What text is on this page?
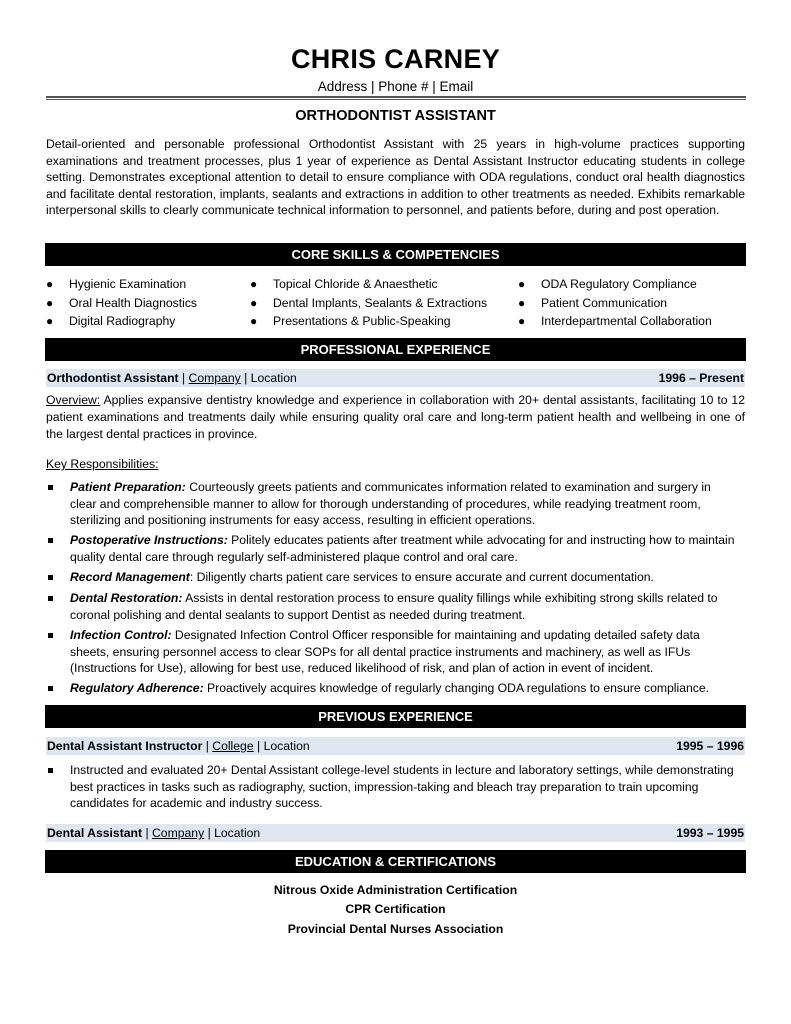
CHRIS CARNEY
Address | Phone # | Email
ORTHODONTIST ASSISTANT
Detail-oriented and personable professional Orthodontist Assistant with 25 years in high-volume practices supporting examinations and treatment processes, plus 1 year of experience as Dental Assistant Instructor educating students in college setting. Demonstrates exceptional attention to detail to ensure compliance with ODA regulations, conduct oral health diagnostics and facilitate dental restoration, implants, sealants and extractions in addition to other treatments as needed. Exhibits remarkable interpersonal skills to clearly communicate technical information to personnel, and patients before, during and post operation.
CORE SKILLS & COMPETENCIES
● Hygienic Examination
● Oral Health Diagnostics
● Digital Radiography
● Topical Chloride & Anaesthetic
● Dental Implants, Sealants & Extractions
● Presentations & Public-Speaking
● ODA Regulatory Compliance
● Patient Communication
● Interdepartmental Collaboration
PROFESSIONAL EXPERIENCE
Orthodontist Assistant | Company | Location	1996 – Present
Overview: Applies expansive dentistry knowledge and experience in collaboration with 20+ dental assistants, facilitating 10 to 12 patient examinations and treatments daily while ensuring quality oral care and long-term patient health and wellbeing in one of the largest dental practices in province.
Key Responsibilities:
Patient Preparation: Courteously greets patients and communicates information related to examination and surgery in clear and comprehensible manner to allow for thorough understanding of procedures, while readying treatment room, sterilizing and positioning instruments for easy access, resulting in efficient operations.
Postoperative Instructions: Politely educates patients after treatment while advocating for and instructing how to maintain quality dental care through regularly self-administered plaque control and oral care.
Record Management: Diligently charts patient care services to ensure accurate and current documentation.
Dental Restoration: Assists in dental restoration process to ensure quality fillings while exhibiting strong skills related to coronal polishing and dental sealants to support Dentist as needed during treatment.
Infection Control: Designated Infection Control Officer responsible for maintaining and updating detailed safety data sheets, ensuring personnel access to clear SOPs for all dental practice instruments and machinery, as well as IFUs (Instructions for Use), allowing for best use, reduced likelihood of risk, and plan of action in event of incident.
Regulatory Adherence: Proactively acquires knowledge of regularly changing ODA regulations to ensure compliance.
PREVIOUS EXPERIENCE
Dental Assistant Instructor | College | Location	1995 – 1996
Instructed and evaluated 20+ Dental Assistant college-level students in lecture and laboratory settings, while demonstrating best practices in tasks such as radiography, suction, impression-taking and bleach tray preparation to train upcoming candidates for academic and industry success.
Dental Assistant | Company | Location	1993 – 1995
EDUCATION & CERTIFICATIONS
Nitrous Oxide Administration Certification
CPR Certification
Provincial Dental Nurses Association
